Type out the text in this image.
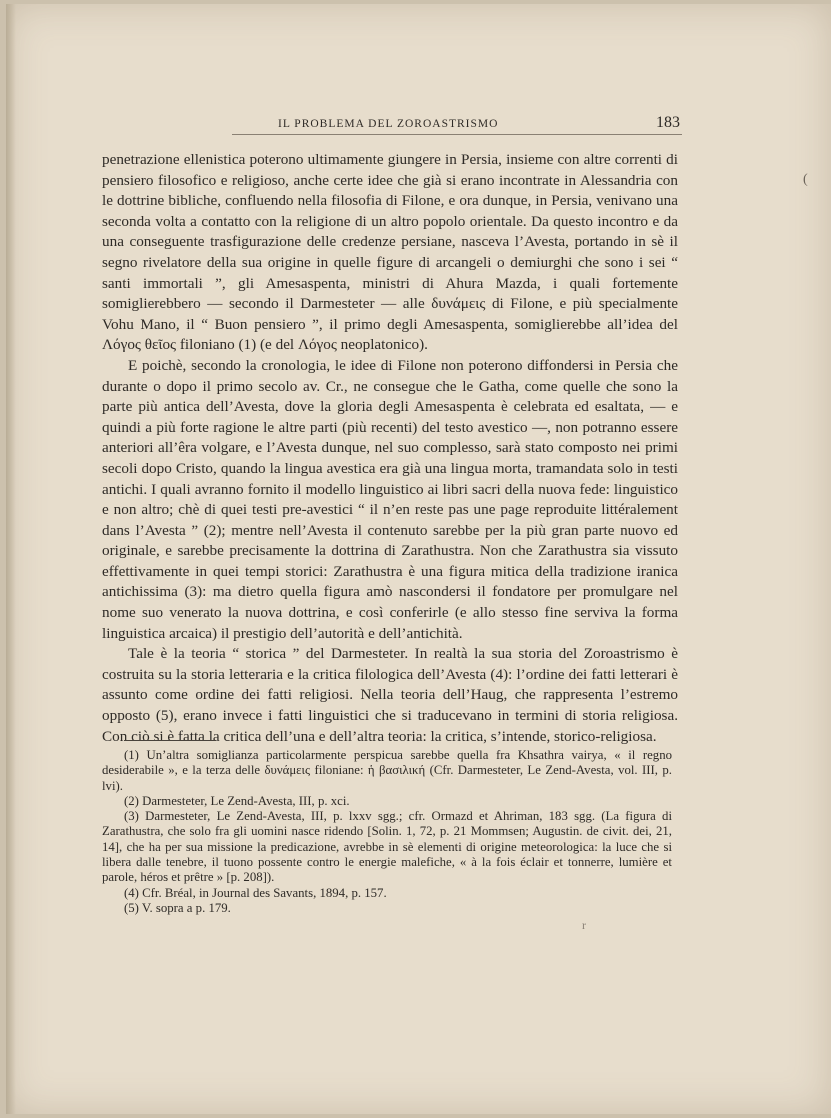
IL PROBLEMA DEL ZOROASTRISMO	183

penetrazione ellenistica poterono ultimamente giungere in Persia, insieme con altre correnti di pensiero filosofico e religioso, anche certe idee che già si erano incontrate in Alessandria con le dottrine bibliche, confluendo nella filosofia di Filone, e ora dunque, in Persia, venivano una seconda volta a contatto con la religione di un altro popolo orientale. Da questo incontro e da una conseguente trasfigurazione delle credenze persiane, nasceva l’Avesta, portando in sè il segno rivelatore della sua origine in quelle figure di arcangeli o demiurghi che sono i sei “ santi immortali ”, gli Amesaspenta, ministri di Ahura Mazda, i quali fortemente somiglierebbero — secondo il Darmesteter — alle δυνάμεις di Filone, e più specialmente Vohu Mano, il “ Buon pensiero ”, il primo degli Amesaspenta, somiglierebbe all’idea del Λόγος θεῖος filoniano (1) (e del Λόγος neoplatonico).

E poichè, secondo la cronologia, le idee di Filone non poterono diffondersi in Persia che durante o dopo il primo secolo av. Cr., ne consegue che le Gatha, come quelle che sono la parte più antica dell’Avesta, dove la gloria degli Amesaspenta è celebrata ed esaltata, — e quindi a più forte ragione le altre parti (più recenti) del testo avestico —, non potranno essere anteriori all’êra volgare, e l’Avesta dunque, nel suo complesso, sarà stato composto nei primi secoli dopo Cristo, quando la lingua avestica era già una lingua morta, tramandata solo in testi antichi. I quali avranno fornito il modello linguistico ai libri sacri della nuova fede: linguistico e non altro; chè di quei testi pre-avestici “ il n’en reste pas une page reproduite littéralement dans l’Avesta ” (2); mentre nell’Avesta il contenuto sarebbe per la più gran parte nuovo ed originale, e sarebbe precisamente la dottrina di Zarathustra. Non che Zarathustra sia vissuto effettivamente in quei tempi storici: Zarathustra è una figura mitica della tradizione iranica antichissima (3): ma dietro quella figura amò nascondersi il fondatore per promulgare nel nome suo venerato la nuova dottrina, e così conferirle (e allo stesso fine serviva la forma linguistica arcaica) il prestigio dell’autorità e dell’antichità.

Tale è la teoria “ storica ” del Darmesteter. In realtà la sua storia del Zoroastrismo è costruita su la storia letteraria e la critica filologica dell’Avesta (4): l’ordine dei fatti letterari è assunto come ordine dei fatti religiosi. Nella teoria dell’Haug, che rappresenta l’estremo opposto (5), erano invece i fatti linguistici che si traducevano in termini di storia religiosa. Con ciò si è fatta la critica dell’una e dell’altra teoria: la critica, s’intende, storico-religiosa.

(1) Un’altra somiglianza particolarmente perspicua sarebbe quella fra Khsathra vairya, « il regno desiderabile », e la terza delle δυνάμεις filoniane: ἡ βασιλική (Cfr. Darmesteter, Le Zend-Avesta, vol. III, p. lvi).

(2) Darmesteter, Le Zend-Avesta, III, p. xci.

(3) Darmesteter, Le Zend-Avesta, III, p. lxxv sgg.; cfr. Ormazd et Ahriman, 183 sgg. (La figura di Zarathustra, che solo fra gli uomini nasce ridendo [Solin. 1, 72, p. 21 Mommsen; Augustin. de civit. dei, 21, 14], che ha per sua missione la predicazione, avrebbe in sè elementi di origine meteorologica: la luce che si libera dalle tenebre, il tuono possente contro le energie malefiche, « à la fois éclair et tonnerre, lumière et parole, héros et prêtre » [p. 208]).

(4) Cfr. Bréal, in Journal des Savants, 1894, p. 157.

(5) V. sopra a p. 179.

(
r
